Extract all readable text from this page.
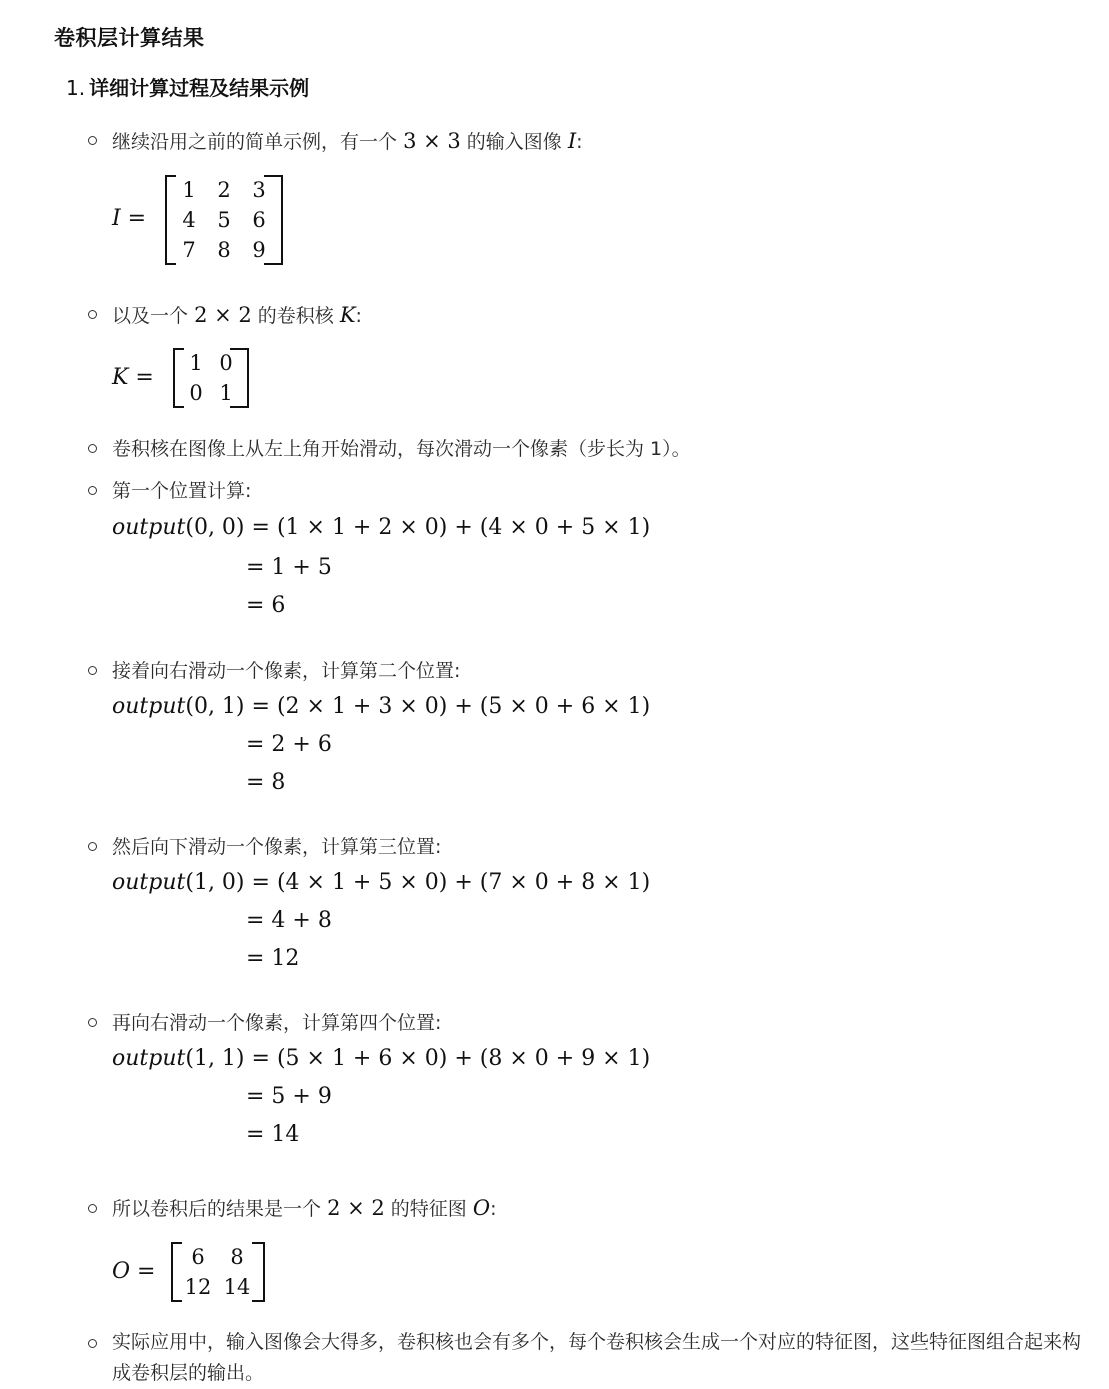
卷积层计算结果
1. 详细计算过程及结果示例
继续沿用之前的简单示例，有一个 3 × 3 的输入图像 I:
I =
1	2	3
4	5	6
7	8	9
以及一个 2 × 2 的卷积核 K:
K =
1 0
0 1
卷积核在图像上从左上角开始滑动，每次滑动一个像素（步长为 1）。
第一个位置计算:
output(0, 0) = (1 × 1 + 2 × 0) + (4 × 0 + 5 × 1)
= 1 + 5
= 6
接着向右滑动一个像素，计算第二个位置:
output(0, 1) = (2 × 1 + 3 × 0) + (5 × 0 + 6 × 1)
= 2 + 6
= 8
然后向下滑动一个像素，计算第三位置:
output(1, 0) = (4 × 1 + 5 × 0) + (7 × 0 + 8 × 1)
= 4 + 8
= 12
再向右滑动一个像素，计算第四个位置:
output(1, 1) = (5 × 1 + 6 × 0) + (8 × 0 + 9 × 1)
= 5 + 9
= 14
所以卷积后的结果是一个 2 × 2 的特征图 O:
O =
6	8
12 14
实际应用中，输入图像会大得多，卷积核也会有多个，每个卷积核会生成一个对应的特征图，这些特征图组合起来构成卷积层的输出。
